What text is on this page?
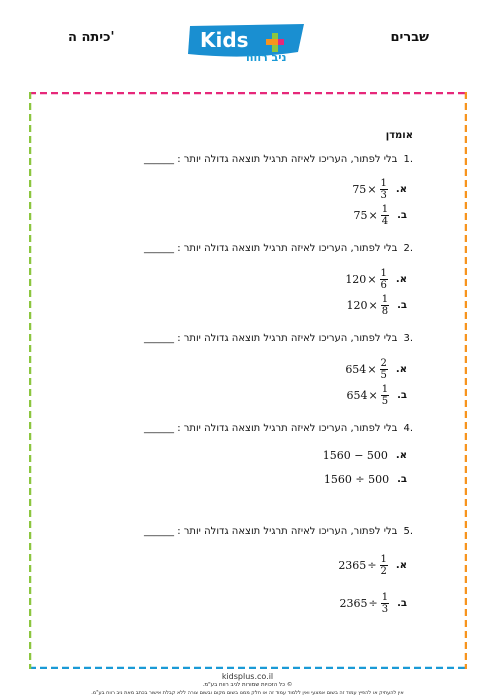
שברים
כיתה ה'	Kids
ניב רווח
אומדן
.1בלי לפתור, העריכו לאיזה תרגיל תוצאה גדולה יותר : ______
א.
$75 \times \frac{1}{3}$
ב.
$75 \times \frac{1}{4}$
.2בלי לפתור, העריכו לאיזה תרגיל תוצאה גדולה יותר : ______
א.
$120 \times \frac{1}{6}$
ב.
$120 \times \frac{1}{8}$
.3בלי לפתור, העריכו לאיזה תרגיל תוצאה גדולה יותר : ______
א.
$654 \times \frac{2}{5}$
ב.
$654 \times \frac{1}{5}$
.4בלי לפתור, העריכו לאיזה תרגיל תוצאה גדולה יותר : ______
א.
1560 − 500
ב.
1560 ÷ 500
.5בלי לפתור, העריכו לאיזה תרגיל תוצאה גדולה יותר : ______
א.
$2365 \div \frac{1}{2}$
ב.
$2365 \div \frac{1}{3}$
kidsplus.co.il
© כל הזכויות שמורות לניב רווח בע"מ.
אין להעתיק או להפיץ עמוד זה בשום אמצעי ואין ללמוד עמוד זה או חלק ממנו בשום מקום ובשום צורה ללא קבלת אישור בכתב מאת ניב רווח בע"מ.
